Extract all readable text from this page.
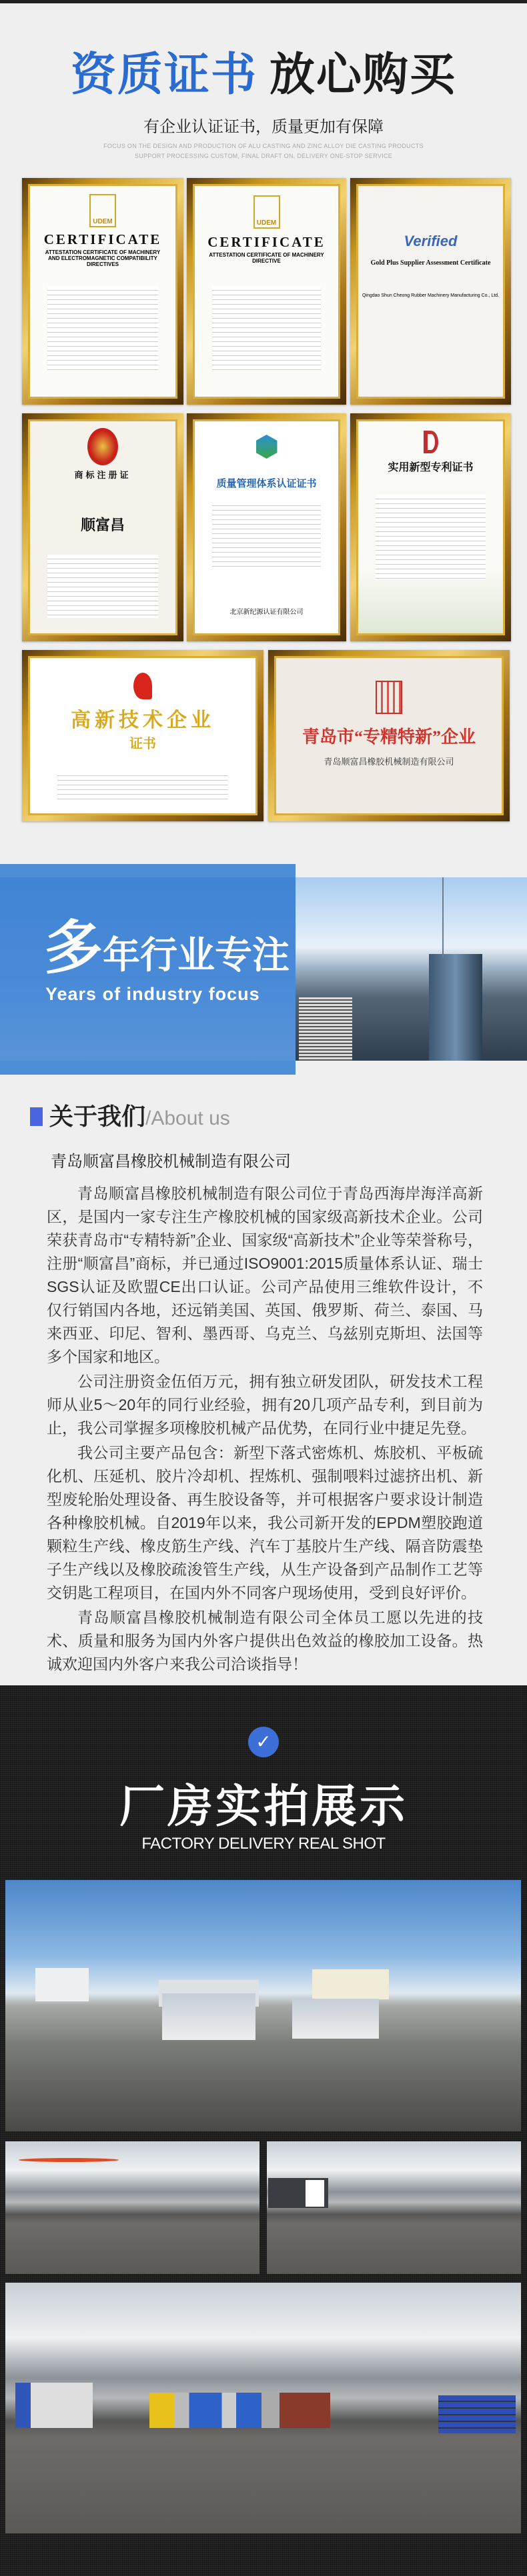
资质证书 放心购买
有企业认证证书，质量更加有保障
FOCUS ON THE DESIGN AND PRODUCTION OF ALU CASTING AND ZINC ALLOY DIE CASTING PRODUCTS
SUPPORT PROCESSING CUSTOM, FINAL DRAFT ON, DELIVERY ONE-STOP SERVICE
UDEM
CERTIFICATE
ATTESTATION CERTIFICATE OF MACHINERY AND ELECTROMAGNETIC COMPATIBILITY DIRECTIVES
UDEM
CERTIFICATE
ATTESTATION CERTIFICATE OF MACHINERY DIRECTIVE
Verified
Gold Plus Supplier Assessment Certificate
Qingdao Shun Cheong Rubber Machinery Manufacturing Co., Ltd.
商标注册证
顺富昌
质量管理体系认证证书
北京新纪源认证有限公司
实用新型专利证书
高新技术企业
证书	青岛市“专精特新”企业
青岛顺富昌橡胶机械制造有限公司
多年行业专注
Years of industry focus
关于我们/About us
青岛顺富昌橡胶机械制造有限公司

青岛顺富昌橡胶机械制造有限公司位于青岛西海岸海洋高新区，是国内一家专注生产橡胶机械的国家级高新技术企业。公司荣获青岛市“专精特新”企业、国家级“高新技术”企业等荣誉称号，注册“顺富昌”商标，并已通过ISO9001:2015质量体系认证、瑞士SGS认证及欧盟CE出口认证。公司产品使用三维软件设计，不仅行销国内各地，还远销美国、英国、俄罗斯、荷兰、泰国、马来西亚、印尼、智利、墨西哥、乌克兰、乌兹别克斯坦、法国等多个国家和地区。

公司注册资金伍佰万元，拥有独立研发团队，研发技术工程师从业5～20年的同行业经验，拥有20几项产品专利，到目前为止，我公司掌握多项橡胶机械产品优势，在同行业中捷足先登。

我公司主要产品包含：新型下落式密炼机、炼胶机、平板硫化机、压延机、胶片冷却机、捏炼机、强制喂料过滤挤出机、新型废轮胎处理设备、再生胶设备等，并可根据客户要求设计制造各种橡胶机械。自2019年以来，我公司新开发的EPDM塑胶跑道颗粒生产线、橡皮筋生产线、汽车丁基胶片生产线、隔音防震垫子生产线以及橡胶疏浚管生产线，从生产设备到产品制作工艺等交钥匙工程项目，在国内外不同客户现场使用，受到良好评价。

青岛顺富昌橡胶机械制造有限公司全体员工愿以先进的技术、质量和服务为国内外客户提供出色效益的橡胶加工设备。热诚欢迎国内外客户来我公司洽谈指导！

✓
厂房实拍展示
FACTORY DELIVERY REAL SHOT
